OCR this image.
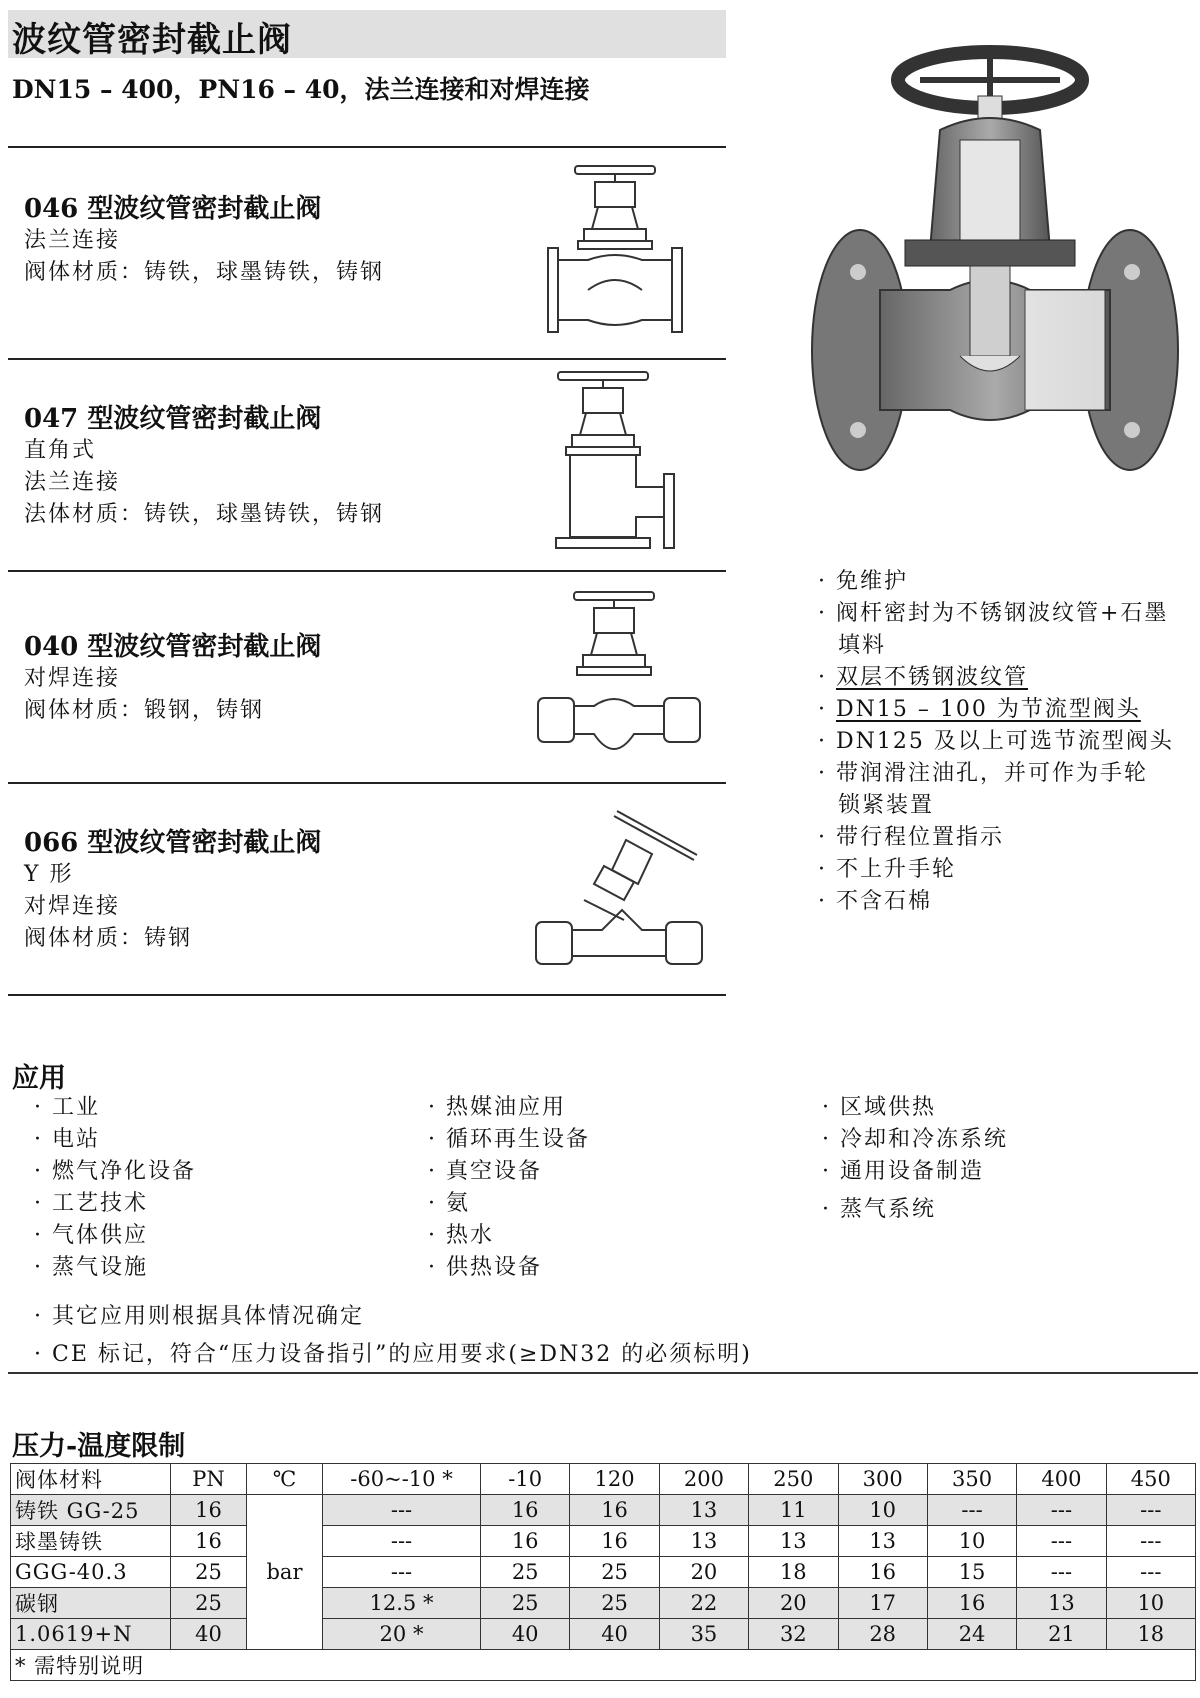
波纹管密封截止阀
DN15 – 400，PN16 – 40，法兰连接和对焊连接
046 型波纹管密封截止阀
法兰连接
阀体材质：铸铁，球墨铸铁，铸钢
047 型波纹管密封截止阀
直角式
法兰连接
法体材质：铸铁，球墨铸铁，铸钢
040 型波纹管密封截止阀
对焊连接
阀体材质：锻钢，铸钢
066 型波纹管密封截止阀
Y 形
对焊连接
阀体材质：铸钢
· 免维护
· 阀杆密封为不锈钢波纹管+石墨
填料
· 双层不锈钢波纹管
· DN15 – 100 为节流型阀头
· DN125 及以上可选节流型阀头
· 带润滑注油孔，并可作为手轮
锁紧装置
· 带行程位置指示
· 不上升手轮
· 不含石棉
应用
· 工业
· 电站
· 燃气净化设备
· 工艺技术
· 气体供应
· 蒸气设施
· 热媒油应用
· 循环再生设备
· 真空设备
· 氨
· 热水
· 供热设备
· 区域供热
· 冷却和冷冻系统
· 通用设备制造
· 蒸气系统
· 其它应用则根据具体情况确定
· CE 标记，符合“压力设备指引”的应用要求(≥DN32 的必须标明)
压力-温度限制
阀体材料	PN	℃	-60~-10 *	-10	120	200	250	300	350	400	450
铸铁 GG-25	16	bar	---	16	16	13	11	10	---	---	---
球墨铸铁	16		---	16	16	13	13	13	10	---	---
GGG-40.3	25		---	25	25	20	18	16	15	---	---
碳钢	25		12.5 *	25	25	22	20	17	16	13	10
1.0619+N	40		20 *	40	40	35	32	28	24	21	18
* 需特别说明											
